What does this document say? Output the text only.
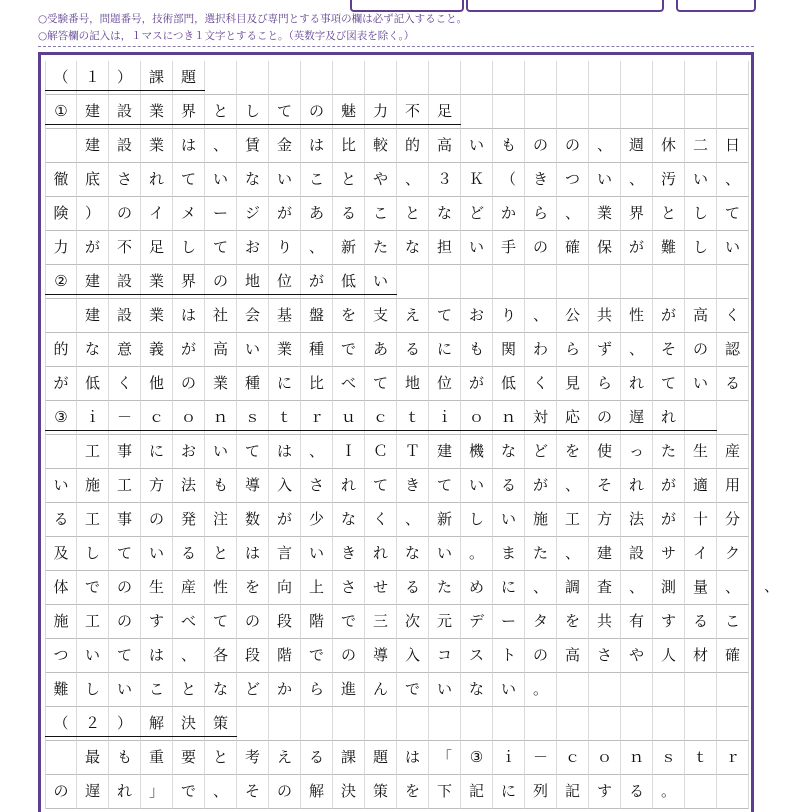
○受験番号，問題番号，技術部門，選択科目及び専門とする事項の欄は必ず記入すること。
○解答欄の記入は，１マスにつき１文字とすること。（英数字及び図表を除く。）
（ １ ） 課 題
① 建 設 業 界 と し て の 魅 力 不 足

建 設 業 は 、 賃 金 は 比 較 的 高 い も の の 、 週 休 二 日
徹 底 さ れ て い な い こ と や 、 ３ Ｋ （ き つ い 、 汚 い 、
険 ） の イ メ ー ジ が あ る こ と な ど か ら 、 業 界 と し て
力 が 不 足 し て お り 、 新 た な 担 い 手 の 確 保 が 難 し い
② 建 設 業 界 の 地 位 が 低 い

建 設 業 は 社 会 基 盤 を 支 え て お り 、 公 共 性 が 高 く
的 な 意 義 が 高 い 業 種 で あ る に も 関 わ ら ず 、 そ の 認
が 低 く 他 の 業 種 に 比 べ て 地 位 が 低 く 見 ら れ て い る
③ ｉ － ｃ ｏ ｎ ｓ ｔ ｒ ｕ ｃ ｔ ｉ ｏ ｎ 対 応 の 遅 れ

工 事 に お い て は 、 Ｉ Ｃ Ｔ 建 機 な ど を 使 っ た 生 産
い 施 工 方 法 も 導 入 さ れ て き て い る が 、 そ れ が 適 用
る 工 事 の 発 注 数 が 少 な く 、 新 し い 施 工 方 法 が 十 分
及 し て い る と は 言 い き れ な い 。 ま た 、 建 設 サ イ ク
体 で の 生 産 性 を 向 上 さ せ る た め に 、 調 査 、 測 量 、
施 工 の す べ て の 段 階 で 三 次 元 デ ー タ を 共 有 す る こ
つ い て は 、 各 段 階 で の 導 入 コ ス ト の 高 さ や 人 材 確
難 し い こ と な ど か ら 進 ん で い な い 。
（ ２ ） 解 決 策

最 も 重 要 と 考 え る 課 題 は 「 ③ ｉ － ｃ ｏ ｎ ｓ ｔ ｒ
の 遅 れ 」 で 、 そ の 解 決 策 を 下 記 に 列 記 す る 。
、
